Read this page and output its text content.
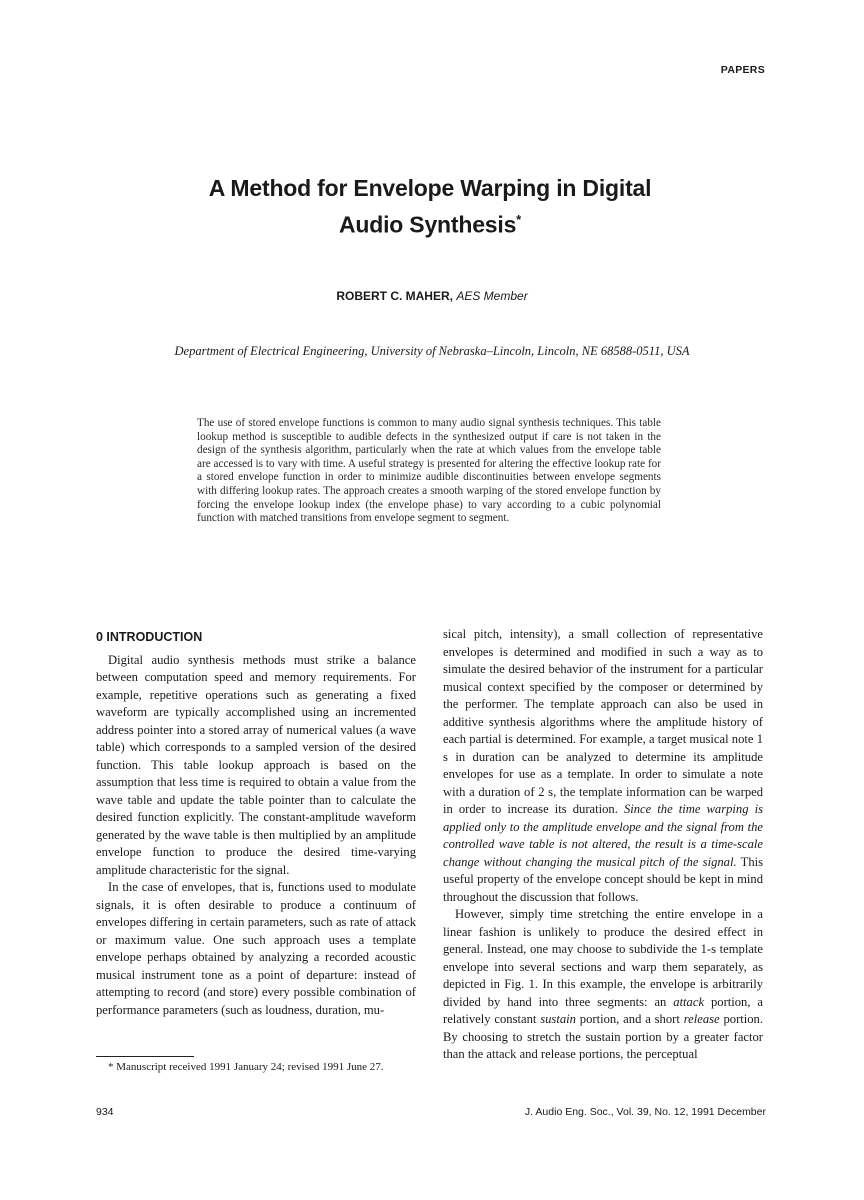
PAPERS
A Method for Envelope Warping in Digital
Audio Synthesis*
ROBERT C. MAHER, AES Member
Department of Electrical Engineering, University of Nebraska–Lincoln, Lincoln, NE 68588-0511, USA
The use of stored envelope functions is common to many audio signal synthesis techniques. This table lookup method is susceptible to audible defects in the synthesized output if care is not taken in the design of the synthesis algorithm, particularly when the rate at which values from the envelope table are accessed is to vary with time. A useful strategy is presented for altering the effective lookup rate for a stored envelope function in order to minimize audible discontinuities between envelope segments with differing lookup rates. The approach creates a smooth warping of the stored envelope function by forcing the envelope lookup index (the envelope phase) to vary according to a cubic polynomial function with matched transitions from envelope segment to segment.
0 INTRODUCTION

Digital audio synthesis methods must strike a balance between computation speed and memory requirements. For example, repetitive operations such as generating a fixed waveform are typically accomplished using an incremented address pointer into a stored array of numerical values (a wave table) which corresponds to a sampled version of the desired function. This table lookup approach is based on the assumption that less time is required to obtain a value from the wave table and update the table pointer than to calculate the desired function explicitly. The constant-amplitude waveform generated by the wave table is then multiplied by an amplitude envelope function to produce the desired time-varying amplitude characteristic for the signal.

In the case of envelopes, that is, functions used to modulate signals, it is often desirable to produce a continuum of envelopes differing in certain parameters, such as rate of attack or maximum value. One such approach uses a template envelope perhaps obtained by analyzing a recorded acoustic musical instrument tone as a point of departure: instead of attempting to record (and store) every possible combination of performance parameters (such as loudness, duration, mu-

sical pitch, intensity), a small collection of representative envelopes is determined and modified in such a way as to simulate the desired behavior of the instrument for a particular musical context specified by the composer or determined by the performer. The template approach can also be used in additive synthesis algorithms where the amplitude history of each partial is determined. For example, a target musical note 1 s in duration can be analyzed to determine its amplitude envelopes for use as a template. In order to simulate a note with a duration of 2 s, the template information can be warped in order to increase its duration. Since the time warping is applied only to the amplitude envelope and the signal from the controlled wave table is not altered, the result is a time-scale change without changing the musical pitch of the signal. This useful property of the envelope concept should be kept in mind throughout the discussion that follows.

However, simply time stretching the entire envelope in a linear fashion is unlikely to produce the desired effect in general. Instead, one may choose to subdivide the 1-s template envelope into several sections and warp them separately, as depicted in Fig. 1. In this example, the envelope is arbitrarily divided by hand into three segments: an attack portion, a relatively constant sustain portion, and a short release portion. By choosing to stretch the sustain portion by a greater factor than the attack and release portions, the perceptual

* Manuscript received 1991 January 24; revised 1991 June 27.
934	J. Audio Eng. Soc., Vol. 39, No. 12, 1991 December
